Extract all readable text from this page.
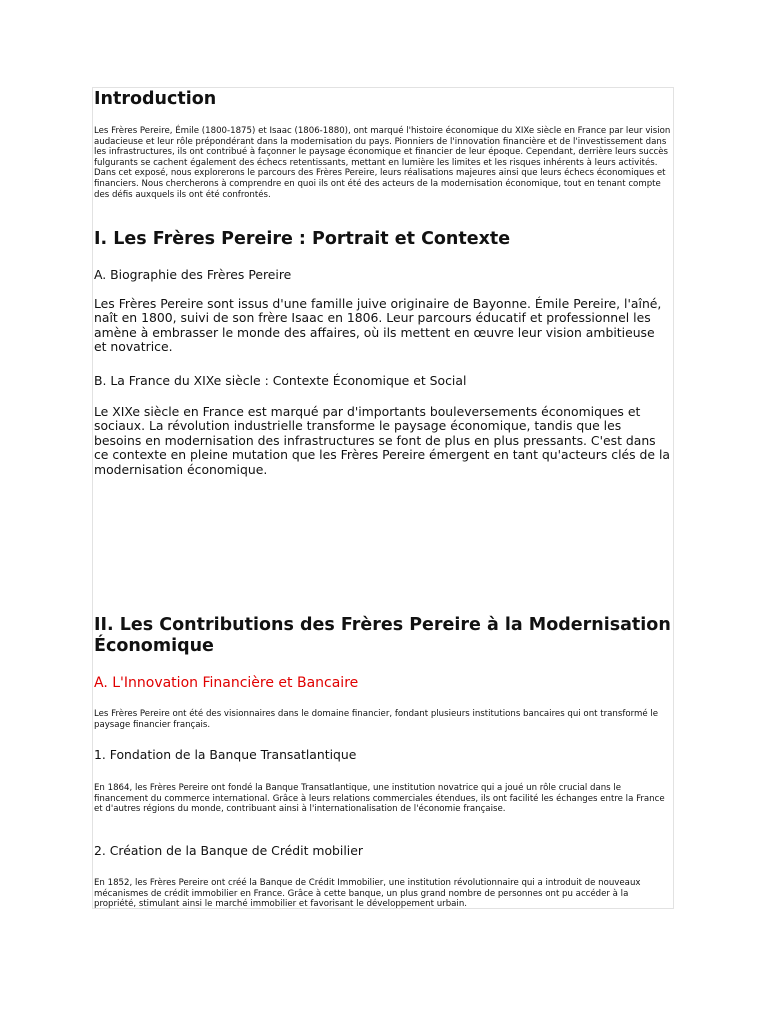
Introduction

Les Frères Pereire, Émile (1800-1875) et Isaac (1806-1880), ont marqué l'histoire économique du XIXe siècle en France par leur vision audacieuse et leur rôle prépondérant dans la modernisation du pays. Pionniers de l'innovation financière et de l'investissement dans les infrastructures, ils ont contribué à façonner le paysage économique et financier de leur époque. Cependant, derrière leurs succès fulgurants se cachent également des échecs retentissants, mettant en lumière les limites et les risques inhérents à leurs activités. Dans cet exposé, nous explorerons le parcours des Frères Pereire, leurs réalisations majeures ainsi que leurs échecs économiques et financiers. Nous chercherons à comprendre en quoi ils ont été des acteurs de la modernisation économique, tout en tenant compte des défis auxquels ils ont été confrontés.

I. Les Frères Pereire : Portrait et Contexte

A. Biographie des Frères Pereire

Les Frères Pereire sont issus d'une famille juive originaire de Bayonne. Émile Pereire, l'aîné, naît en 1800, suivi de son frère Isaac en 1806. Leur parcours éducatif et professionnel les amène à embrasser le monde des affaires, où ils mettent en œuvre leur vision ambitieuse et novatrice.

B. La France du XIXe siècle : Contexte Économique et Social

Le XIXe siècle en France est marqué par d'importants bouleversements économiques et sociaux. La révolution industrielle transforme le paysage économique, tandis que les besoins en modernisation des infrastructures se font de plus en plus pressants. C'est dans ce contexte en pleine mutation que les Frères Pereire émergent en tant qu'acteurs clés de la modernisation économique.

II. Les Contributions des Frères Pereire à la Modernisation Économique

A. L'Innovation Financière et Bancaire

Les Frères Pereire ont été des visionnaires dans le domaine financier, fondant plusieurs institutions bancaires qui ont transformé le paysage financier français.

1. Fondation de la Banque Transatlantique

En 1864, les Frères Pereire ont fondé la Banque Transatlantique, une institution novatrice qui a joué un rôle crucial dans le financement du commerce international. Grâce à leurs relations commerciales étendues, ils ont facilité les échanges entre la France et d'autres régions du monde, contribuant ainsi à l'internationalisation de l'économie française.

2. Création de la Banque de Crédit mobilier

En 1852, les Frères Pereire ont créé la Banque de Crédit Immobilier, une institution révolutionnaire qui a introduit de nouveaux mécanismes de crédit immobilier en France. Grâce à cette banque, un plus grand nombre de personnes ont pu accéder à la propriété, stimulant ainsi le marché immobilier et favorisant le développement urbain.
